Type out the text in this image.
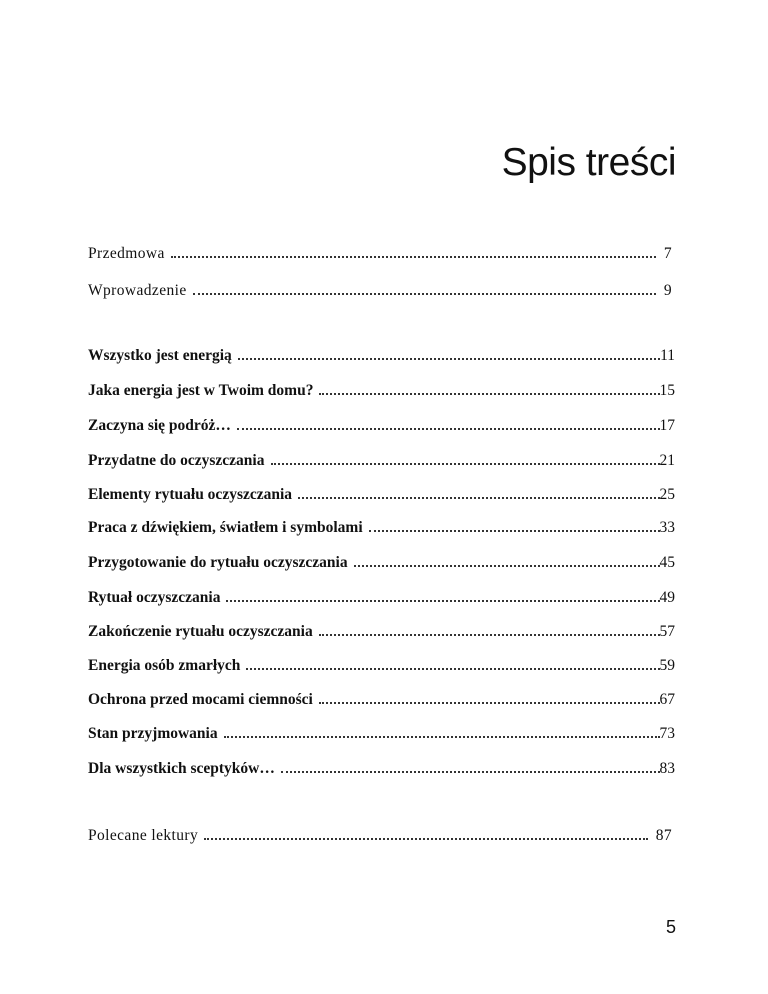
Spis treści
Przedmowa	7
Wprowadzenie	9
Wszystko jest energią	11
Jaka energia jest w Twoim domu?	15
Zaczyna się podróż…	17
Przydatne do oczyszczania	21
Elementy rytuału oczyszczania	25
Praca z dźwiękiem, światłem i symbolami	33
Przygotowanie do rytuału oczyszczania	45
Rytuał oczyszczania	49
Zakończenie rytuału oczyszczania	57
Energia osób zmarłych	59
Ochrona przed mocami ciemności	67
Stan przyjmowania	73
Dla wszystkich sceptyków…	83
Polecane lektury	87

5
